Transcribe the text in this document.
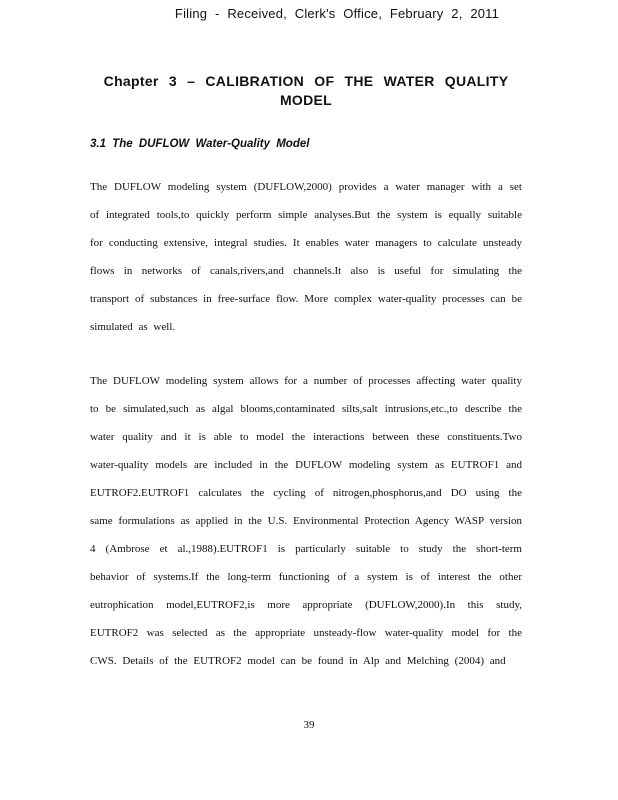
Filing - Received, Clerk's Office, February 2, 2011
Chapter 3 – CALIBRATION OF THE WATER QUALITY MODEL
3.1 The DUFLOW Water-Quality Model
The DUFLOW modeling system (DUFLOW,2000) provides a water manager with a set of integrated tools,to quickly perform simple analyses.But the system is equally suitable for conducting extensive, integral studies. It enables water managers to calculate unsteady flows in networks of canals,rivers,and channels.It also is useful for simulating the transport of substances in free-surface flow. More complex water-quality processes can be simulated as well.
The DUFLOW modeling system allows for a number of processes affecting water quality to be simulated,such as algal blooms,contaminated silts,salt intrusions,etc.,to describe the water quality and it is able to model the interactions between these constituents.Two water-quality models are included in the DUFLOW modeling system as EUTROF1 and EUTROF2.EUTROF1 calculates the cycling of nitrogen,phosphorus,and DO using the same formulations as applied in the U.S. Environmental Protection Agency WASP version 4 (Ambrose et al.,1988).EUTROF1 is particularly suitable to study the short-term behavior of systems.If the long-term functioning of a system is of interest the other eutrophication model,EUTROF2,is more appropriate (DUFLOW,2000).In this study, EUTROF2 was selected as the appropriate unsteady-flow water-quality model for the CWS. Details of the EUTROF2 model can be found in Alp and Melching (2004) and
39
